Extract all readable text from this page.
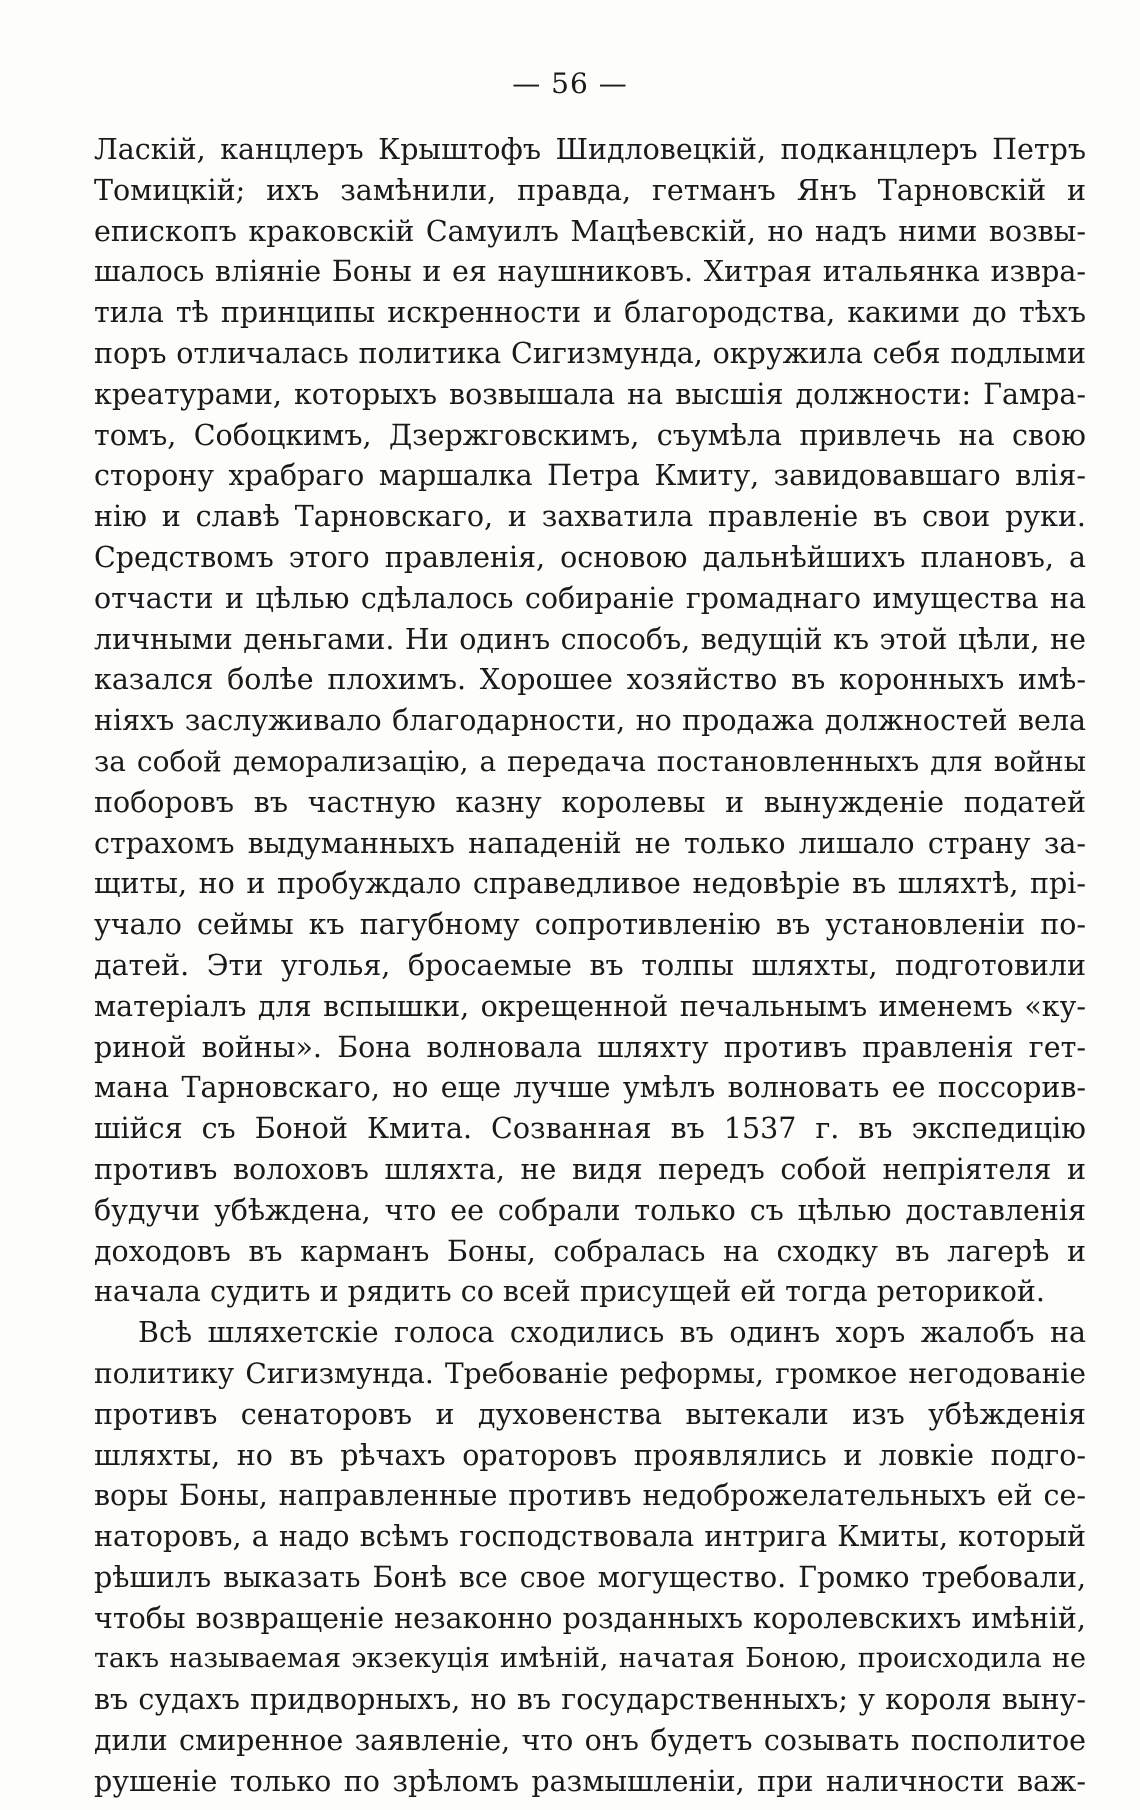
— 56 —
Ласкій, канцлеръ Крыштофъ Шидловецкій, подканцлеръ Петръ
Томицкій; ихъ замѣнили, правда, гетманъ Янъ Тарновскій и
епископъ краковскій Самуилъ Мацѣевскій, но надъ ними возвы-
шалось вліяніе Боны и ея наушниковъ. Хитрая итальянка извра-
тила тѣ принципы искренности и благородства, какими до тѣхъ
поръ отличалась политика Сигизмунда, окружила себя подлыми
креатурами, которыхъ возвышала на высшія должности: Гамра-
томъ, Собоцкимъ, Дзержговскимъ, съумѣла привлечь на свою
сторону храбраго маршалка Петра Кмиту, завидовавшаго влія-
нію и славѣ Тарновскаго, и захватила правленіе въ свои руки.
Средствомъ этого правленія, основою дальнѣйшихъ плановъ, а
отчасти и цѣлью сдѣлалось собираніе громаднаго имущества на
личными деньгами. Ни одинъ способъ, ведущій къ этой цѣли, не
казался болѣе плохимъ. Хорошее хозяйство въ коронныхъ имѣ-
ніяхъ заслуживало благодарности, но продажа должностей вела
за собой деморализацію, а передача постановленныхъ для войны
поборовъ въ частную казну королевы и вынужденіе податей
страхомъ выдуманныхъ нападеній не только лишало страну за-
щиты, но и пробуждало справедливое недовѣріе въ шляхтѣ, прі-
учало сеймы къ пагубному сопротивленію въ установленіи по-
датей. Эти уголья, бросаемые въ толпы шляхты, подготовили
матеріалъ для вспышки, окрещенной печальнымъ именемъ «ку-
риной войны». Бона волновала шляхту противъ правленія гет-
мана Тарновскаго, но еще лучше умѣлъ волновать ее поссорив-
шійся съ Боной Кмита. Созванная въ 1537 г. въ экспедицію
противъ волоховъ шляхта, не видя передъ собой непріятеля и
будучи убѣждена, что ее собрали только съ цѣлью доставленія
доходовъ въ карманъ Боны, собралась на сходку въ лагерѣ и
начала судить и рядить со всей присущей ей тогда реторикой.
Всѣ шляхетскіе голоса сходились въ одинъ хоръ жалобъ на
политику Сигизмунда. Требованіе реформы, громкое негодованіе
противъ сенаторовъ и духовенства вытекали изъ убѣжденія
шляхты, но въ рѣчахъ ораторовъ проявлялись и ловкіе подго-
воры Боны, направленные противъ недоброжелательныхъ ей се-
наторовъ, а надо всѣмъ господствовала интрига Кмиты, который
рѣшилъ выказать Бонѣ все свое могущество. Громко требовали,
чтобы возвращеніе незаконно розданныхъ королевскихъ имѣній,
такъ называемая экзекуція имѣній, начатая Боною, происходила не
въ судахъ придворныхъ, но въ государственныхъ; у короля выну-
дили смиренное заявленіе, что онъ будетъ созывать посполитое
рушеніе только по зрѣломъ размышленіи, при наличности важ-
